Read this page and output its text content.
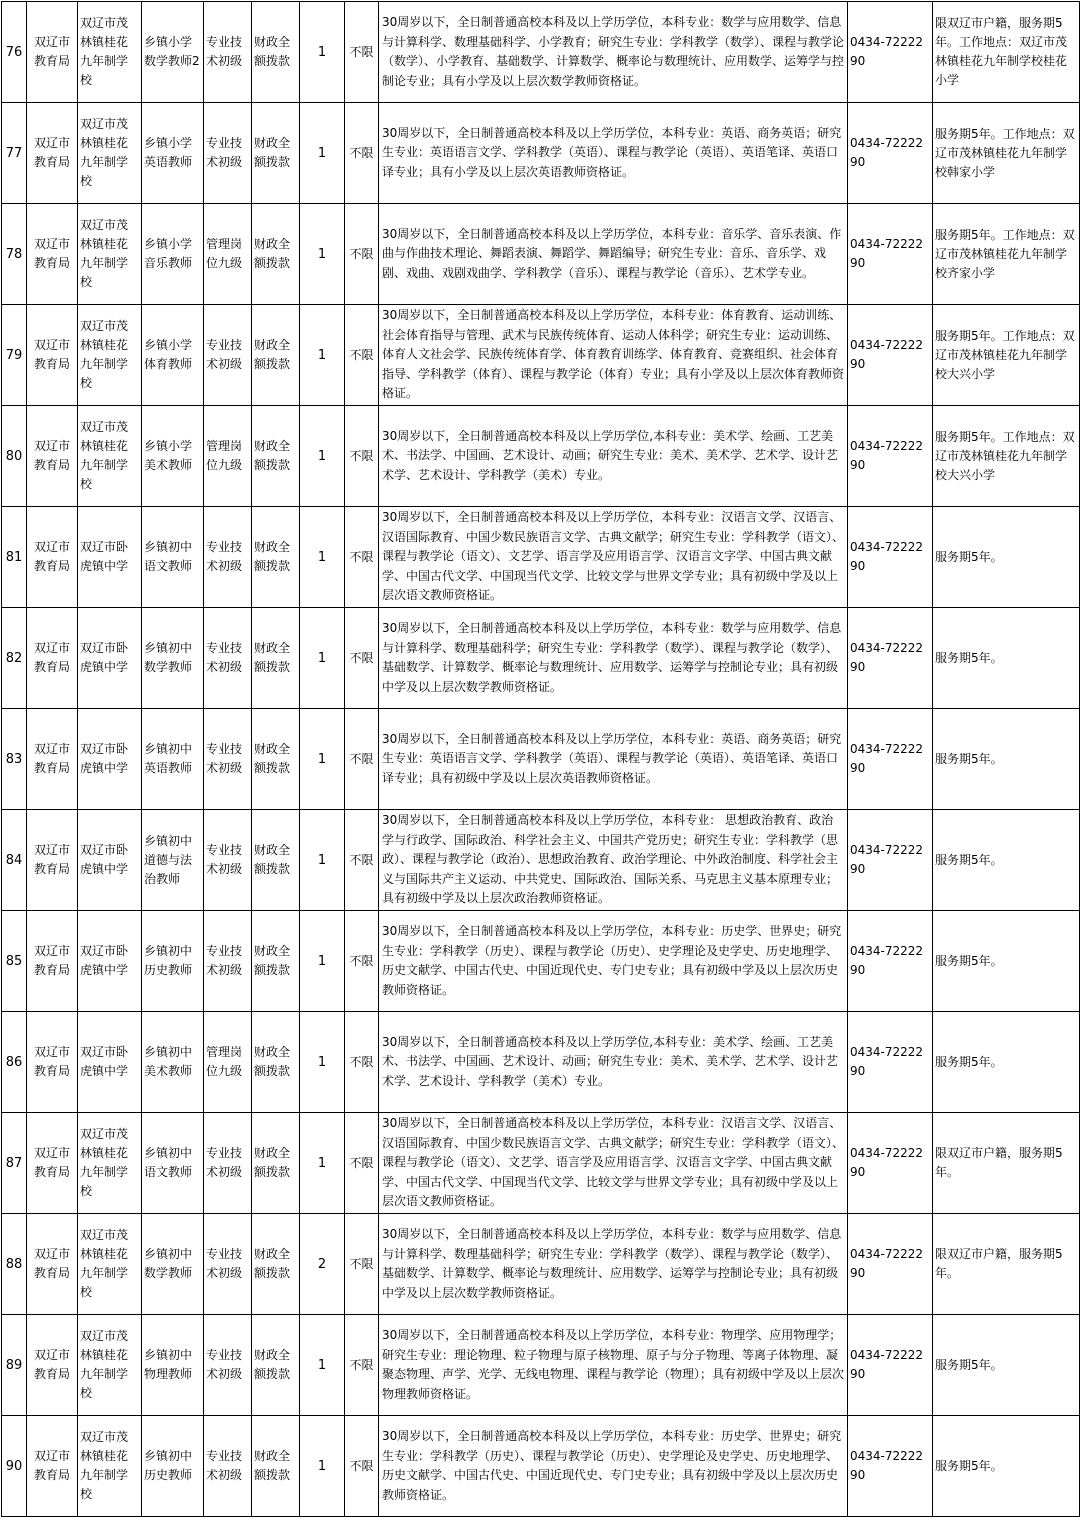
76	双辽市教育局	双辽市茂林镇桂花九年制学校	乡镇小学数学教师2	专业技术初级	财政全额拨款	1	不限	30周岁以下，全日制普通高校本科及以上学历学位，本科专业：数学与应用数学、信息与计算科学、数理基础科学、小学教育；研究生专业：学科教学（数学）、课程与教学论（数学）、小学教育、基础数学、计算数学、概率论与数理统计、应用数学、运筹学与控制论专业；具有小学及以上层次数学教师资格证。	0434-7222290	限双辽市户籍，服务期5年。工作地点：双辽市茂林镇桂花九年制学校桂花小学
77	双辽市教育局	双辽市茂林镇桂花九年制学校	乡镇小学英语教师	专业技术初级	财政全额拨款	1	不限	30周岁以下，全日制普通高校本科及以上学历学位，本科专业：英语、商务英语；研究生专业：英语语言文学、学科教学（英语）、课程与教学论（英语）、英语笔译、英语口译专业；具有小学及以上层次英语教师资格证。	0434-7222290	服务期5年。工作地点：双辽市茂林镇桂花九年制学校韩家小学
78	双辽市教育局	双辽市茂林镇桂花九年制学校	乡镇小学音乐教师	管理岗位九级	财政全额拨款	1	不限	30周岁以下，全日制普通高校本科及以上学历学位，本科专业：音乐学、音乐表演、作曲与作曲技术理论、舞蹈表演、舞蹈学、舞蹈编导；研究生专业：音乐、音乐学、戏剧、戏曲、戏剧戏曲学、学科教学（音乐）、课程与教学论（音乐）、艺术学专业。	0434-7222290	服务期5年。工作地点：双辽市茂林镇桂花九年制学校齐家小学
79	双辽市教育局	双辽市茂林镇桂花九年制学校	乡镇小学体育教师	专业技术初级	财政全额拨款	1	不限	30周岁以下，全日制普通高校本科及以上学历学位，本科专业：体育教育、运动训练、社会体育指导与管理、武术与民族传统体育、运动人体科学；研究生专业：运动训练、体育人文社会学、民族传统体育学、体育教育训练学、体育教育、竞赛组织、社会体育指导、学科教学（体育）、课程与教学论（体育）专业；具有小学及以上层次体育教师资格证。	0434-7222290	服务期5年。工作地点：双辽市茂林镇桂花九年制学校大兴小学
80	双辽市教育局	双辽市茂林镇桂花九年制学校	乡镇小学美术教师	管理岗位九级	财政全额拨款	1	不限	30周岁以下，全日制普通高校本科及以上学历学位,本科专业：美术学、绘画、工艺美术、书法学、中国画、艺术设计、动画；研究生专业：美术、美术学、艺术学、设计艺术学、艺术设计、学科教学（美术）专业。	0434-7222290	服务期5年。工作地点：双辽市茂林镇桂花九年制学校大兴小学
81	双辽市教育局	双辽市卧虎镇中学	乡镇初中语文教师	专业技术初级	财政全额拨款	1	不限	30周岁以下，全日制普通高校本科及以上学历学位，本科专业：汉语言文学、汉语言、汉语国际教育、中国少数民族语言文学、古典文献学；研究生专业：学科教学（语文）、课程与教学论（语文）、文艺学、语言学及应用语言学、汉语言文字学、中国古典文献学、中国古代文学、中国现当代文学、比较文学与世界文学专业；具有初级中学及以上层次语文教师资格证。	0434-7222290	服务期5年。
82	双辽市教育局	双辽市卧虎镇中学	乡镇初中数学教师	专业技术初级	财政全额拨款	1	不限	30周岁以下，全日制普通高校本科及以上学历学位，本科专业：数学与应用数学、信息与计算科学、数理基础科学；研究生专业：学科教学（数学）、课程与教学论（数学）、基础数学、计算数学、概率论与数理统计、应用数学、运筹学与控制论专业；具有初级中学及以上层次数学教师资格证。	0434-7222290	服务期5年。
83	双辽市教育局	双辽市卧虎镇中学	乡镇初中英语教师	专业技术初级	财政全额拨款	1	不限	30周岁以下，全日制普通高校本科及以上学历学位，本科专业：英语、商务英语；研究生专业：英语语言文学、学科教学（英语）、课程与教学论（英语）、英语笔译、英语口译专业；具有初级中学及以上层次英语教师资格证。	0434-7222290	服务期5年。
84	双辽市教育局	双辽市卧虎镇中学	乡镇初中道德与法治教师	专业技术初级	财政全额拨款	1	不限	30周岁以下，全日制普通高校本科及以上学历学位，本科专业： 思想政治教育、政治学与行政学、国际政治、科学社会主义、中国共产党历史；研究生专业：学科教学（思政）、课程与教学论（政治）、思想政治教育、政治学理论、中外政治制度、科学社会主义与国际共产主义运动、中共党史、国际政治、国际关系、马克思主义基本原理专业；具有初级中学及以上层次政治教师资格证。	0434-7222290	服务期5年。
85	双辽市教育局	双辽市卧虎镇中学	乡镇初中历史教师	专业技术初级	财政全额拨款	1	不限	30周岁以下，全日制普通高校本科及以上学历学位，本科专业：历史学、世界史；研究生专业：学科教学（历史）、课程与教学论（历史）、史学理论及史学史、历史地理学、历史文献学、中国古代史、中国近现代史、专门史专业；具有初级中学及以上层次历史教师资格证。	0434-7222290	服务期5年。
86	双辽市教育局	双辽市卧虎镇中学	乡镇初中美术教师	管理岗位九级	财政全额拨款	1	不限	30周岁以下，全日制普通高校本科及以上学历学位,本科专业：美术学、绘画、工艺美术、书法学、中国画、艺术设计、动画；研究生专业：美术、美术学、艺术学、设计艺术学、艺术设计、学科教学（美术）专业。	0434-7222290	服务期5年。
87	双辽市教育局	双辽市茂林镇桂花九年制学校	乡镇初中语文教师	专业技术初级	财政全额拨款	1	不限	30周岁以下，全日制普通高校本科及以上学历学位，本科专业：汉语言文学、汉语言、汉语国际教育、中国少数民族语言文学、古典文献学；研究生专业：学科教学（语文）、课程与教学论（语文）、文艺学、语言学及应用语言学、汉语言文字学、中国古典文献学、中国古代文学、中国现当代文学、比较文学与世界文学专业；具有初级中学及以上层次语文教师资格证。	0434-7222290	限双辽市户籍，服务期5年。
88	双辽市教育局	双辽市茂林镇桂花九年制学校	乡镇初中数学教师	专业技术初级	财政全额拨款	2	不限	30周岁以下，全日制普通高校本科及以上学历学位，本科专业：数学与应用数学、信息与计算科学、数理基础科学；研究生专业：学科教学（数学）、课程与教学论（数学）、基础数学、计算数学、概率论与数理统计、应用数学、运筹学与控制论专业；具有初级中学及以上层次数学教师资格证。	0434-7222290	限双辽市户籍，服务期5年。
89	双辽市教育局	双辽市茂林镇桂花九年制学校	乡镇初中物理教师	专业技术初级	财政全额拨款	1	不限	30周岁以下，全日制普通高校本科及以上学历学位，本科专业：物理学、应用物理学；研究生专业：理论物理、粒子物理与原子核物理、原子与分子物理、等离子体物理、凝聚态物理、声学、光学、无线电物理、课程与教学论（物理）；具有初级中学及以上层次物理教师资格证。	0434-7222290	服务期5年。
90	双辽市教育局	双辽市茂林镇桂花九年制学校	乡镇初中历史教师	专业技术初级	财政全额拨款	1	不限	30周岁以下，全日制普通高校本科及以上学历学位，本科专业：历史学、世界史；研究生专业：学科教学（历史）、课程与教学论（历史）、史学理论及史学史、历史地理学、历史文献学、中国古代史、中国近现代史、专门史专业；具有初级中学及以上层次历史教师资格证。	0434-7222290	服务期5年。
